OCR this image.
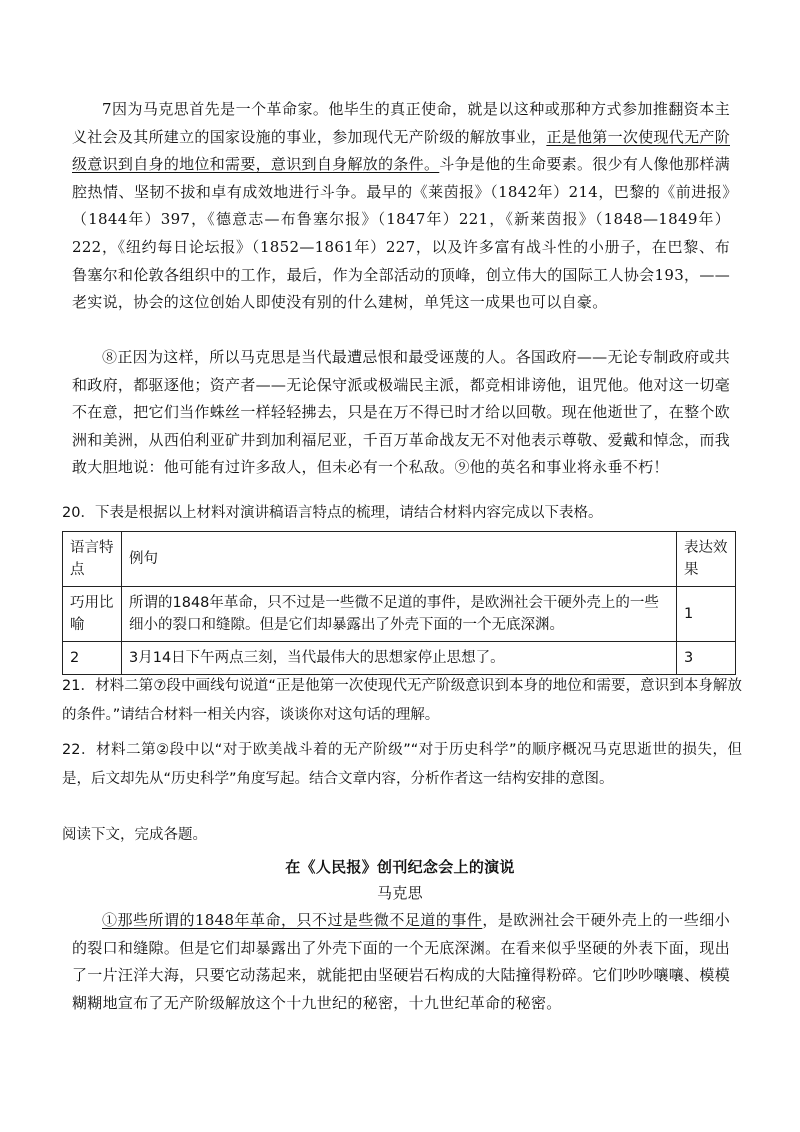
7因为马克思首先是一个革命家。他毕生的真正使命，就是以这种或那种方式参加推翻资本主义社会及其所建立的国家设施的事业，参加现代无产阶级的解放事业，正是他第一次使现代无产阶级意识到自身的地位和需要，意识到自身解放的条件。斗争是他的生命要素。很少有人像他那样满腔热情、坚韧不拔和卓有成效地进行斗争。最早的《莱茵报》（1842年）214，巴黎的《前进报》（1844年）397，《德意志—布鲁塞尔报》（1847年）221，《新莱茵报》（1848—1849年）222，《纽约每日论坛报》（1852—1861年）227，以及许多富有战斗性的小册子，在巴黎、布鲁塞尔和伦敦各组织中的工作，最后，作为全部活动的顶峰，创立伟大的国际工人协会193，——老实说，协会的这位创始人即使没有别的什么建树，单凭这一成果也可以自豪。

⑧正因为这样，所以马克思是当代最遭忌恨和最受诬蔑的人。各国政府——无论专制政府或共和政府，都驱逐他；资产者——无论保守派或极端民主派，都竞相诽谤他，诅咒他。他对这一切毫不在意，把它们当作蛛丝一样轻轻拂去，只是在万不得已时才给以回敬。现在他逝世了，在整个欧洲和美洲，从西伯利亚矿井到加利福尼亚，千百万革命战友无不对他表示尊敬、爱戴和悼念，而我敢大胆地说：他可能有过许多敌人，但未必有一个私敌。⑨他的英名和事业将永垂不朽！

20．下表是根据以上材料对演讲稿语言特点的梳理，请结合材料内容完成以下表格。

语言特点	例句	表达效果
巧用比喻	所谓的1848年革命，只不过是一些微不足道的事件，是欧洲社会干硬外壳上的一些细小的裂口和缝隙。但是它们却暴露出了外壳下面的一个无底深渊。	1
2	3月14日下午两点三刻，当代最伟大的思想家停止思想了。	3

21．材料二第⑦段中画线句说道“正是他第一次使现代无产阶级意识到本身的地位和需要，意识到本身解放的条件。”请结合材料一相关内容，谈谈你对这句话的理解。

22．材料二第②段中以“对于欧美战斗着的无产阶级”“对于历史科学”的顺序概况马克思逝世的损失，但是，后文却先从“历史科学”角度写起。结合文章内容，分析作者这一结构安排的意图。

阅读下文，完成各题。

在《人民报》创刊纪念会上的演说
马克思

①那些所谓的1848年革命，只不过是些微不足道的事件，是欧洲社会干硬外壳上的一些细小的裂口和缝隙。但是它们却暴露出了外壳下面的一个无底深渊。在看来似乎坚硬的外表下面，现出了一片汪洋大海，只要它动荡起来，就能把由坚硬岩石构成的大陆撞得粉碎。它们吵吵嚷嚷、模模糊糊地宣布了无产阶级解放这个十九世纪的秘密，十九世纪革命的秘密。
